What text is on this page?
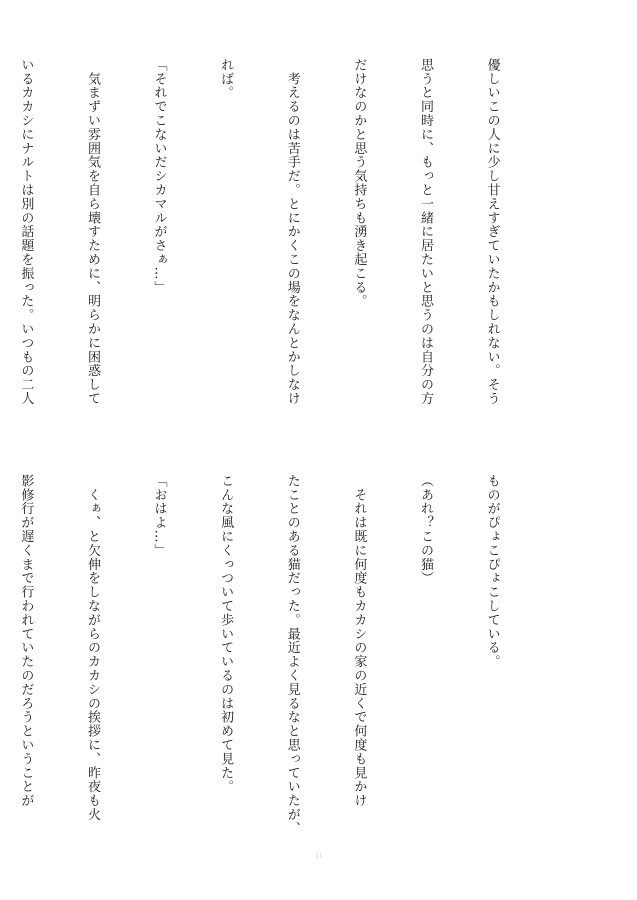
優しいこの人に少し甘えすぎていたかもしれない。そう

思うと同時に、もっと一緒に居たいと思うのは自分の方

だけなのかと思う気持ちも湧き起こる。

　考えるのは苦手だ。とにかくこの場をなんとかしなけ

れば。

「それでこないだシカマルがさぁ…」

　気まずい雰囲気を自ら壊すために、明らかに困惑して

いるカカシにナルトは別の話題を振った。いつもの二人

ものがぴょこぴょこしている。

（あれ？この猫）

　それは既に何度もカカシの家の近くで何度も見かけ

たことのある猫だった。最近よく見るなと思っていたが、

こんな風にくっついて歩いているのは初めて見た。

「おはよ…」

　くぁ、と欠伸をしながらのカカシの挨拶に、昨夜も火

影修行が遅くまで行われていたのだろうということが

11
